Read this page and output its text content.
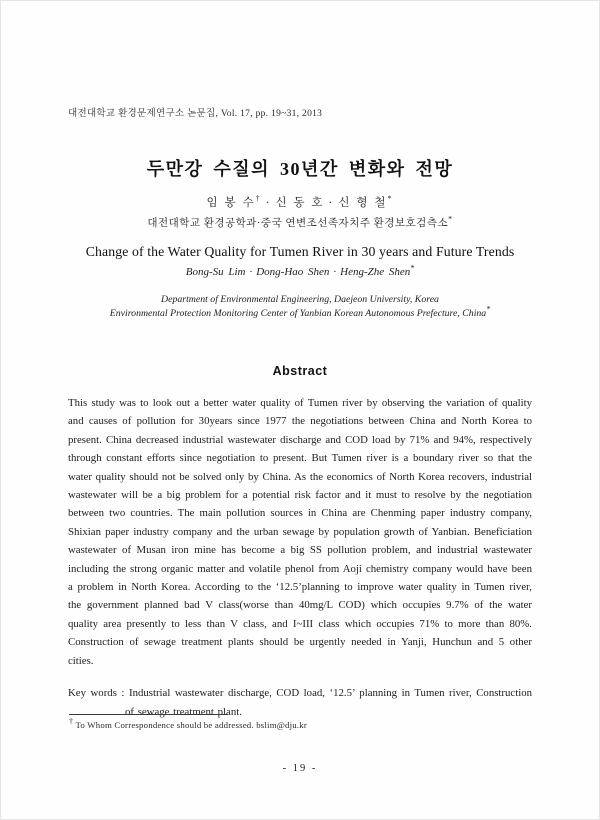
대전대학교 환경문제연구소 논문집, Vol. 17, pp. 19~31, 2013
두만강 수질의 30년간 변화와 전망
임 봉 수† · 신 동 호 · 신 형 철*
대전대학교 환경공학과·중국 연변조선족자치주 환경보호검측소*
Change of the Water Quality for Tumen River in 30 years and Future Trends
Bong-Su Lim · Dong-Hao Shen · Heng-Zhe Shen*
Department of Environmental Engineering, Daejeon University, Korea
Environmental Protection Monitoring Center of Yanbian Korean Autonomous Prefecture, China*
Abstract

This study was to look out a better water quality of Tumen river by observing the variation of quality and causes of pollution for 30years since 1977 the negotiations between China and North Korea to present. China decreased industrial wastewater discharge and COD load by 71% and 94%, respectively through constant efforts since negotiation to present. But Tumen river is a boundary river so that the water quality should not be solved only by China. As the economics of North Korea recovers, industrial wastewater will be a big problem for a potential risk factor and it must to resolve by the negotiation between two countries. The main pollution sources in China are Chenming paper industry company, Shixian paper industry company and the urban sewage by population growth of Yanbian. Beneficiation wastewater of Musan iron mine has become a big SS pollution problem, and industrial wastewater including the strong organic matter and volatile phenol from Aoji chemistry company would have been a problem in North Korea. According to the ‘12.5’planning to improve water quality in Tumen river, the government planned bad V class(worse than 40mg/L COD) which occupies 9.7% of the water quality area presently to less than V class, and I~III class which occupies 71% to more than 80%. Construction of sewage treatment plants should be urgently needed in Yanji, Hunchun and 5 other cities.

Key words : Industrial wastewater discharge, COD load, ‘12.5’ planning in Tumen river, Construction of sewage treatment plant.

† To Whom Correspondence should be addressed. bslim@dju.kr
- 19 -
